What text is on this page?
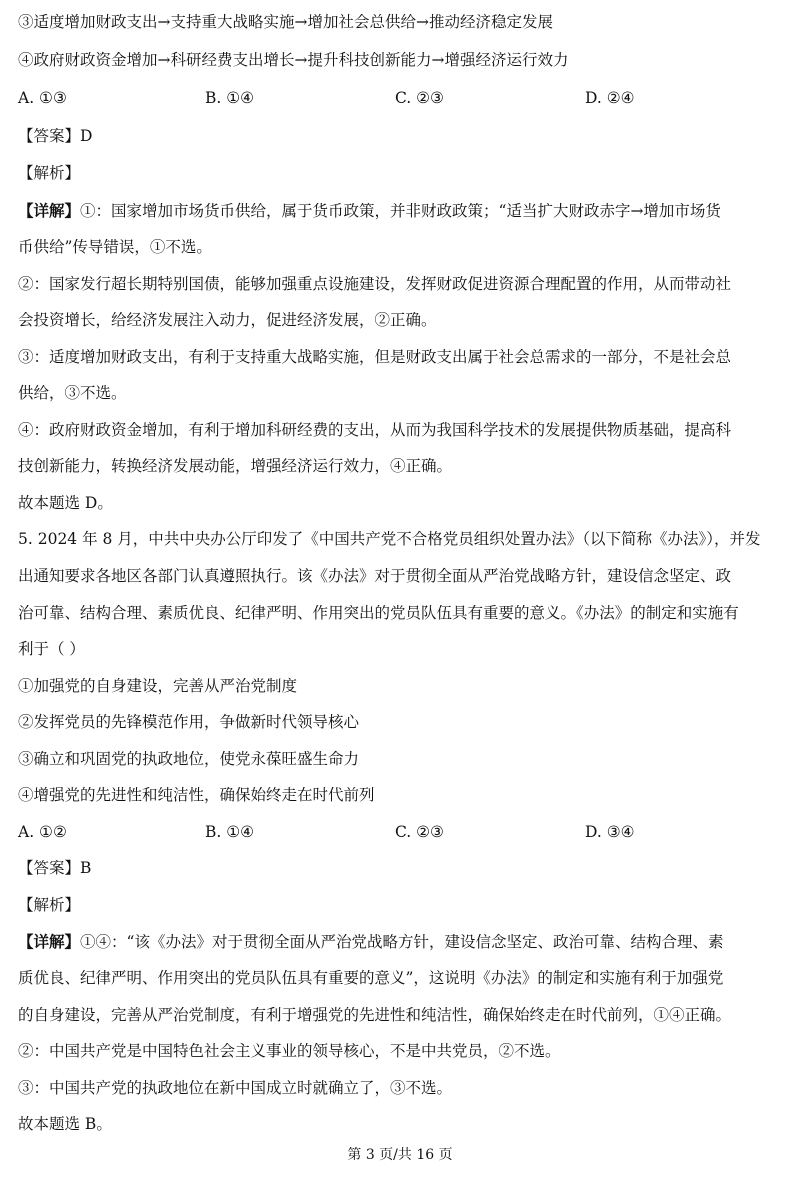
③适度增加财政支出→支持重大战略实施→增加社会总供给→推动经济稳定发展
④政府财政资金增加→科研经费支出增长→提升科技创新能力→增强经济运行效力
A. ①③	B. ①④	C. ②③	D. ②④
【答案】D
【解析】
【详解】①：国家增加市场货币供给，属于货币政策，并非财政政策；“适当扩大财政赤字→增加市场货
币供给”传导错误，①不选。
②：国家发行超长期特别国债，能够加强重点设施建设，发挥财政促进资源合理配置的作用，从而带动社
会投资增长，给经济发展注入动力，促进经济发展，②正确。
③：适度增加财政支出，有利于支持重大战略实施，但是财政支出属于社会总需求的一部分，不是社会总
供给，③不选。
④：政府财政资金增加，有利于增加科研经费的支出，从而为我国科学技术的发展提供物质基础，提高科
技创新能力，转换经济发展动能，增强经济运行效力，④正确。
故本题选 D。
5. 2024 年 8 月，中共中央办公厅印发了《中国共产党不合格党员组织处置办法》（以下简称《办法》），并发
出通知要求各地区各部门认真遵照执行。该《办法》对于贯彻全面从严治党战略方针，建设信念坚定、政
治可靠、结构合理、素质优良、纪律严明、作用突出的党员队伍具有重要的意义。《办法》的制定和实施有
利于（ ）
①加强党的自身建设，完善从严治党制度
②发挥党员的先锋模范作用，争做新时代领导核心
③确立和巩固党的执政地位，使党永葆旺盛生命力
④增强党的先进性和纯洁性，确保始终走在时代前列
A. ①②	B. ①④	C. ②③	D. ③④
【答案】B
【解析】
【详解】①④：“该《办法》对于贯彻全面从严治党战略方针，建设信念坚定、政治可靠、结构合理、素
质优良、纪律严明、作用突出的党员队伍具有重要的意义”，这说明《办法》的制定和实施有利于加强党
的自身建设，完善从严治党制度，有利于增强党的先进性和纯洁性，确保始终走在时代前列，①④正确。
②：中国共产党是中国特色社会主义事业的领导核心，不是中共党员，②不选。
③：中国共产党的执政地位在新中国成立时就确立了，③不选。
故本题选 B。
第 3 页/共 16 页
